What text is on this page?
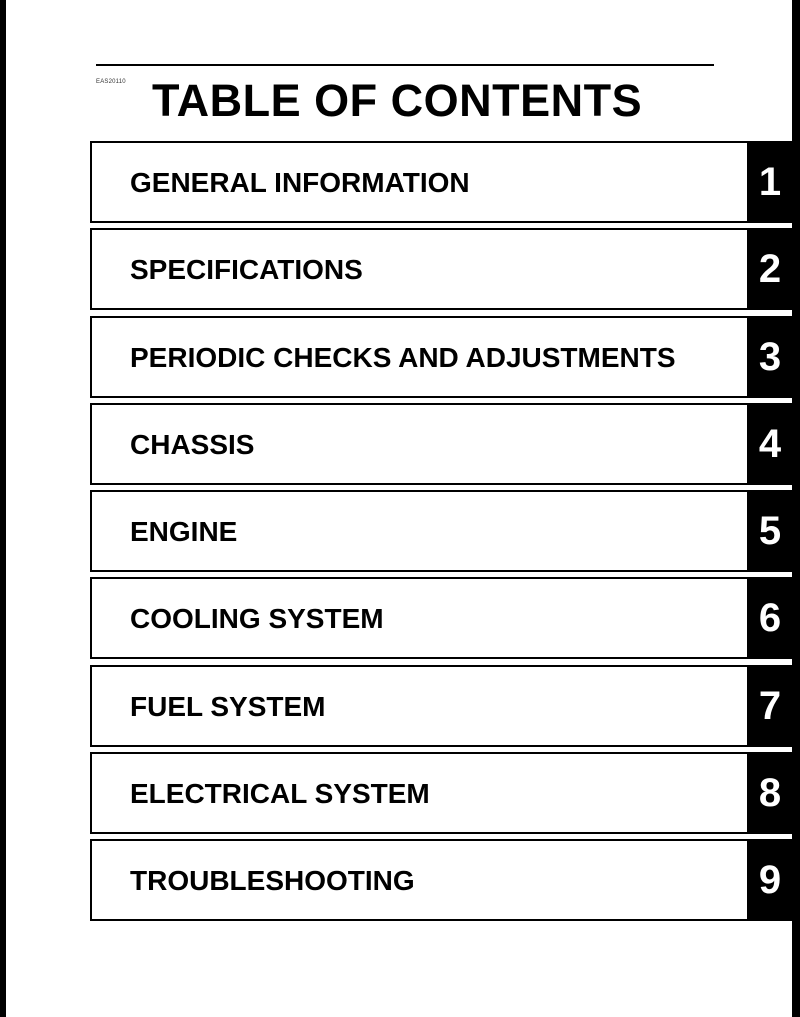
EAS20110 TABLE OF CONTENTS
GENERAL INFORMATION	1
SPECIFICATIONS	2
PERIODIC CHECKS AND ADJUSTMENTS 3
CHASSIS	4
ENGINE	5
COOLING SYSTEM	6
FUEL SYSTEM	7
ELECTRICAL SYSTEM	8
TROUBLESHOOTING	9
